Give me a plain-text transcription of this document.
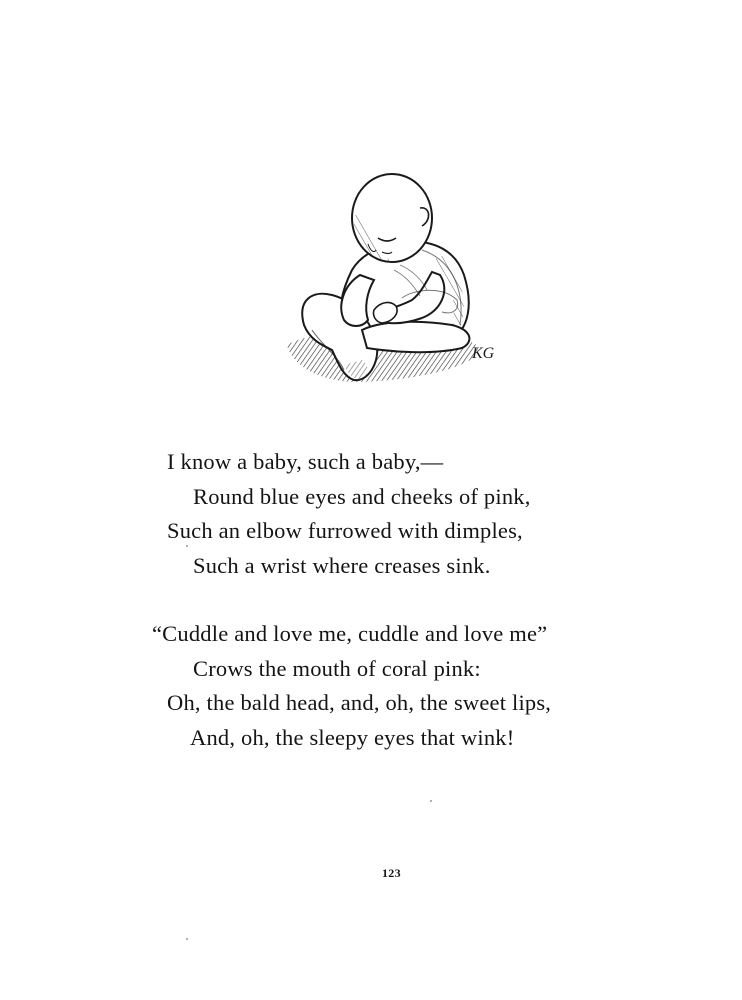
KG
I know a baby, such a baby,—
Round blue eyes and cheeks of pink,
Such an elbow furrowed with dimples,
Such a wrist where creases sink.
“Cuddle and love me, cuddle and love me”
Crows the mouth of coral pink:
Oh, the bald head, and, oh, the sweet lips,
And, oh, the sleepy eyes that wink!
123
